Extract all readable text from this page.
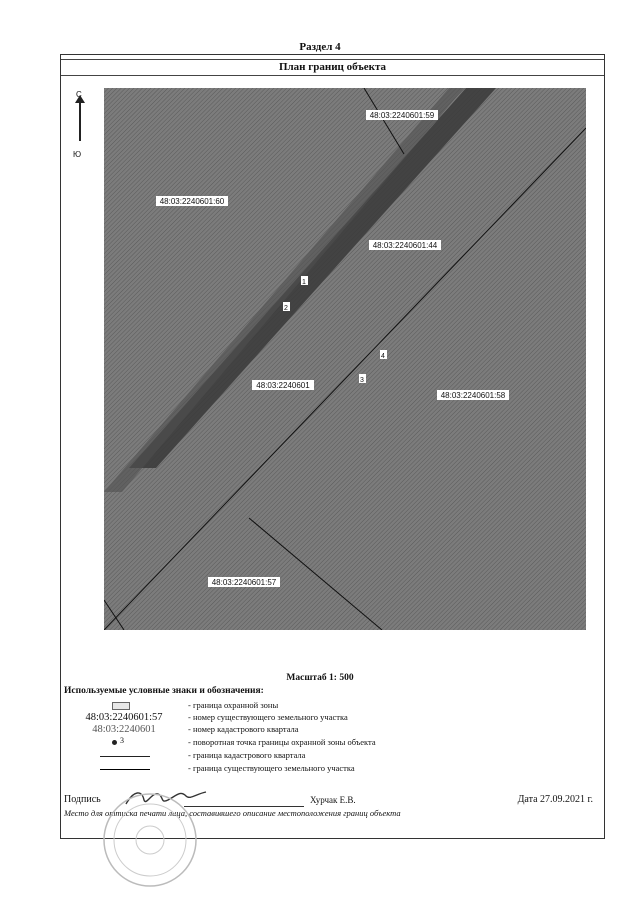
Раздел 4
План границ объекта
С
Ю
48:03:2240601:59
48:03:2240601:60
48:03:2240601:44
48:03:2240601
48:03:2240601:58
48:03:2240601:57
1
2
3
4
Масштаб 1: 500
Используемые условные знаки и обозначения:
- граница охранной зоны
48:03:2240601:57	- номер существующего земельного участка
48:03:2240601	- номер кадастрового квартала
3	- поворотная точка границы охранной зоны объекта
- граница кадастрового квартала
- граница существующего земельного участка
Подпись	Хурчак Е.В.	Дата 27.09.2021 г.
Место для оттиска печати лица, составившего описание местоположения границ объекта
